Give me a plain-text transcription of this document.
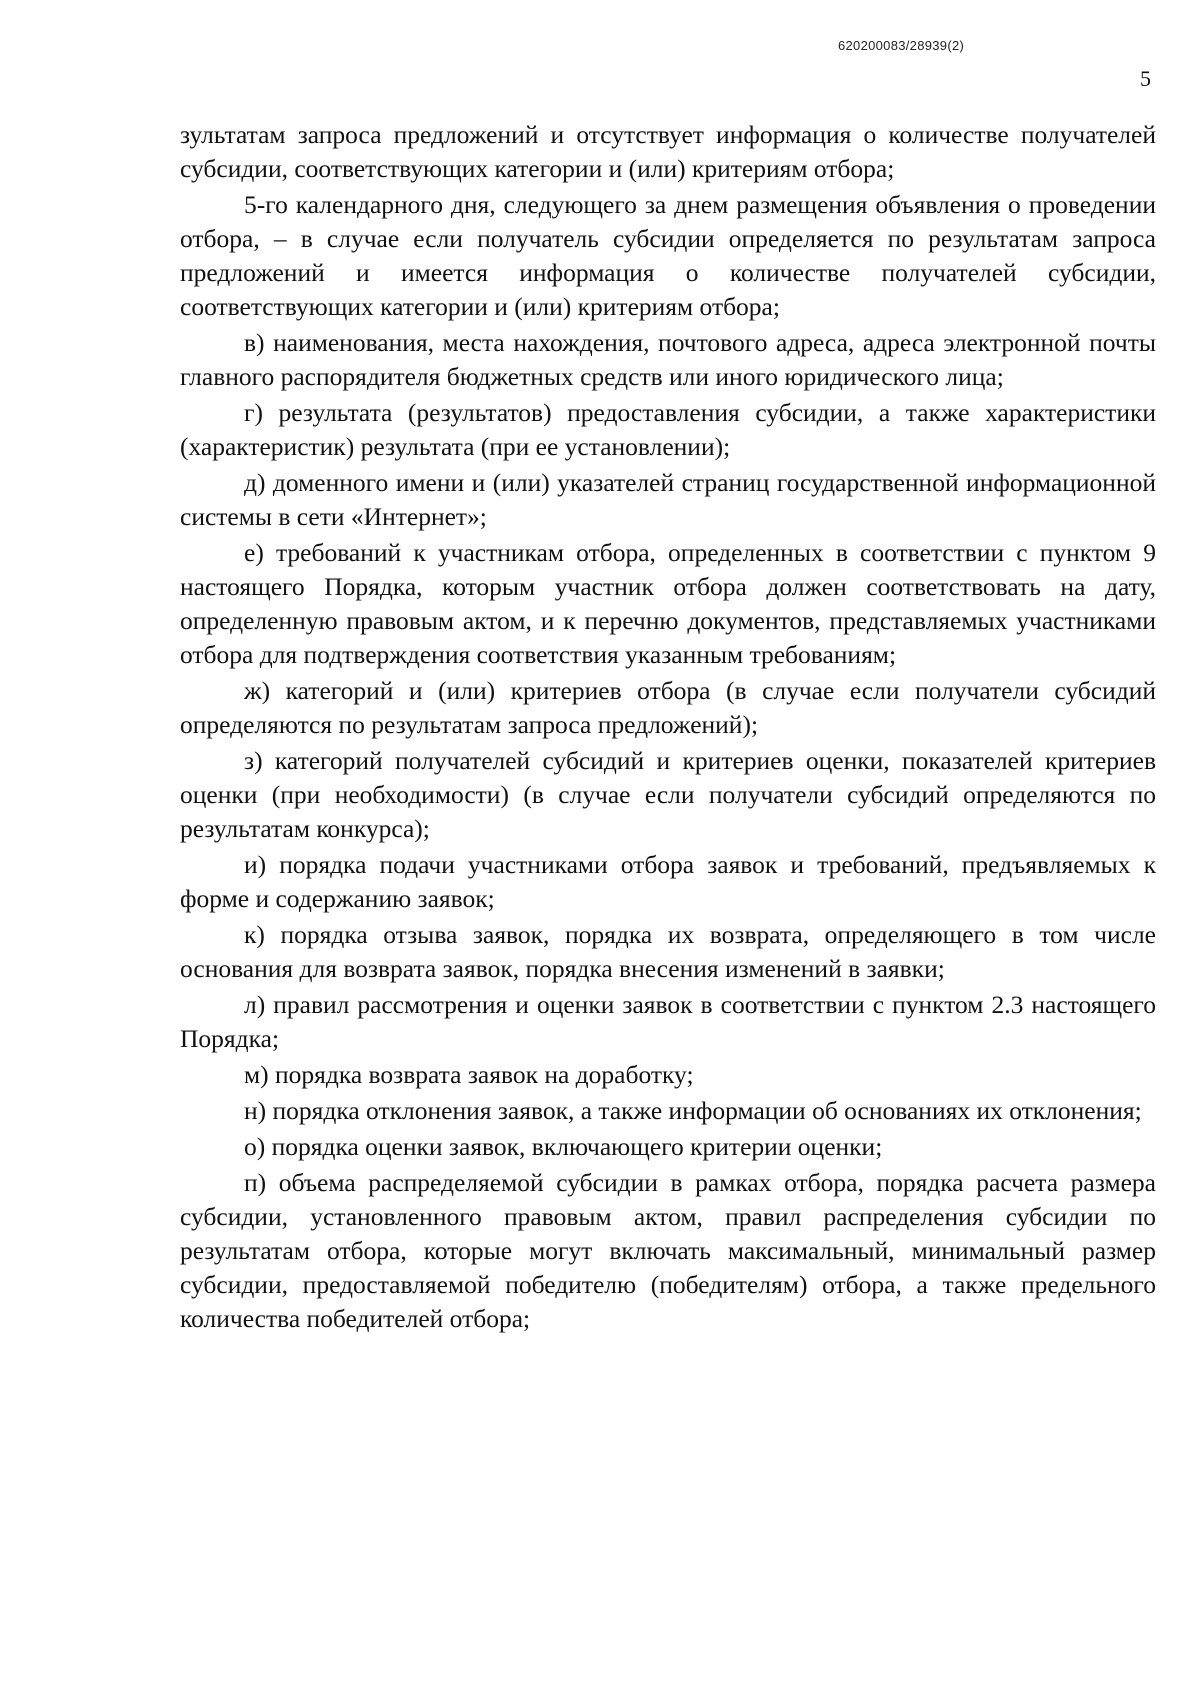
620200083/28939(2)
5

зультатам запроса предложений и отсутствует информация о количестве получателей субсидии, соответствующих категории и (или) критериям отбора;

5-го календарного дня, следующего за днем размещения объявления о проведении отбора, – в случае если получатель субсидии определяется по результатам запроса предложений и имеется информация о количестве получателей субсидии, соответствующих категории и (или) критериям отбора;

в) наименования, места нахождения, почтового адреса, адреса электронной почты главного распорядителя бюджетных средств или иного юридического лица;

г) результата (результатов) предоставления субсидии, а также характеристики (характеристик) результата (при ее установлении);

д) доменного имени и (или) указателей страниц государственной информационной системы в сети «Интернет»;

е) требований к участникам отбора, определенных в соответствии с пунктом 9 настоящего Порядка, которым участник отбора должен соответствовать на дату, определенную правовым актом, и к перечню документов, представляемых участниками отбора для подтверждения соответствия указанным требованиям;

ж) категорий и (или) критериев отбора (в случае если получатели субсидий определяются по результатам запроса предложений);

з) категорий получателей субсидий и критериев оценки, показателей критериев оценки (при необходимости) (в случае если получатели субсидий определяются по результатам конкурса);

и) порядка подачи участниками отбора заявок и требований, предъявляемых к форме и содержанию заявок;

к) порядка отзыва заявок, порядка их возврата, определяющего в том числе основания для возврата заявок, порядка внесения изменений в заявки;

л) правил рассмотрения и оценки заявок в соответствии с пунктом 2.3 настоящего Порядка;

м) порядка возврата заявок на доработку;

н) порядка отклонения заявок, а также информации об основаниях их отклонения;

о) порядка оценки заявок, включающего критерии оценки;

п) объема распределяемой субсидии в рамках отбора, порядка расчета размера субсидии, установленного правовым актом, правил распределения субсидии по результатам отбора, которые могут включать максимальный, минимальный размер субсидии, предоставляемой победителю (победителям) отбора, а также предельного количества победителей отбора;
